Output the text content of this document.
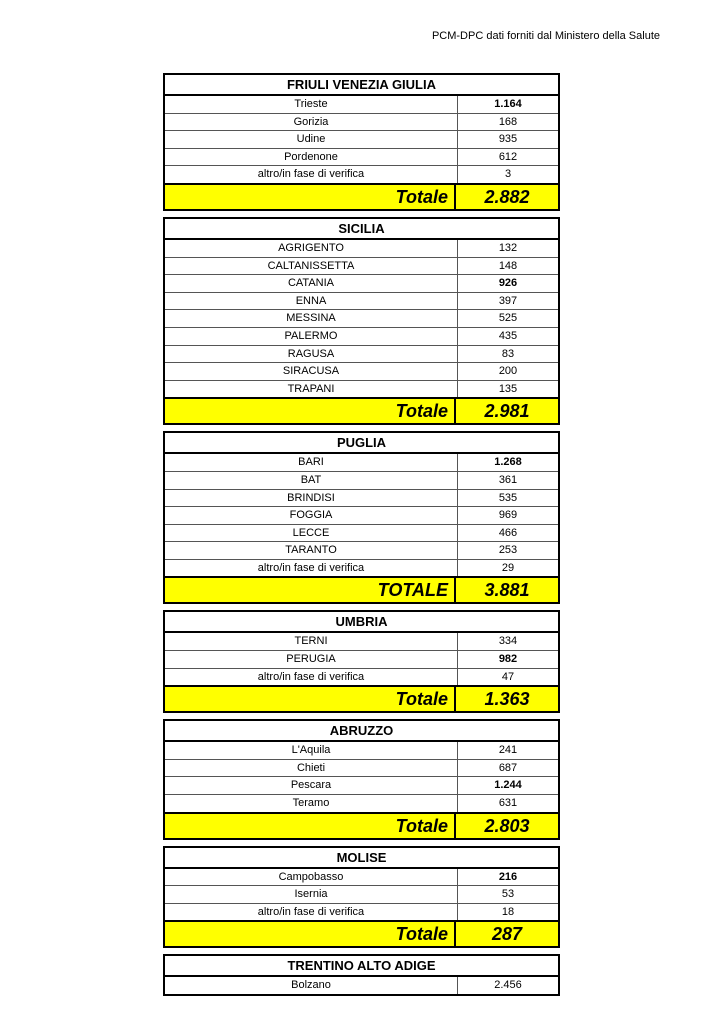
PCM-DPC dati forniti dal Ministero della Salute
FRIULI VENEZIA GIULIA
Trieste	1.164
Gorizia	168
Udine	935
Pordenone	612
altro/in fase di verifica	3
Totale	2.882
SICILIA
AGRIGENTO	132
CALTANISSETTA	148
CATANIA	926
ENNA	397
MESSINA	525
PALERMO	435
RAGUSA	83
SIRACUSA	200
TRAPANI	135
Totale	2.981
PUGLIA
BARI	1.268
BAT	361
BRINDISI	535
FOGGIA	969
LECCE	466
TARANTO	253
altro/in fase di verifica	29
TOTALE	3.881
UMBRIA
TERNI	334
PERUGIA	982
altro/in fase di verifica	47
Totale	1.363
ABRUZZO
L'Aquila	241
Chieti	687
Pescara	1.244
Teramo	631
Totale	2.803
MOLISE
Campobasso	216
Isernia	53
altro/in fase di verifica	18
Totale	287
TRENTINO ALTO ADIGE
Bolzano	2.456
